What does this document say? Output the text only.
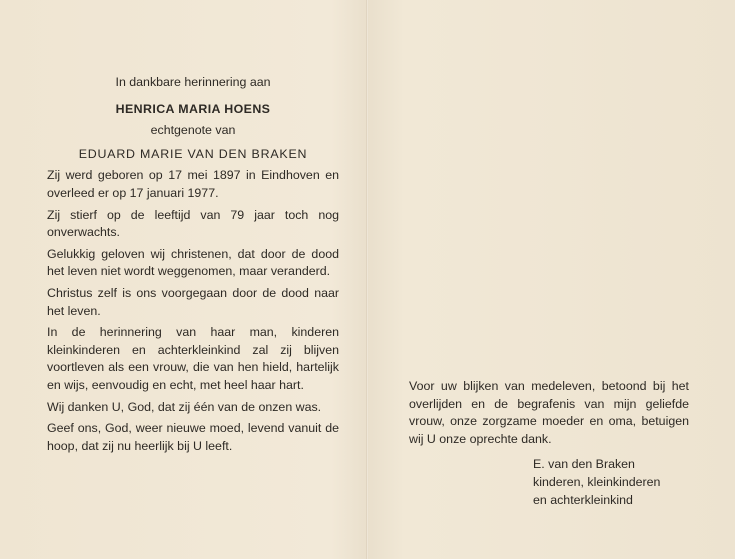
In dankbare herinnering aan
HENRICA MARIA HOENS
echtgenote van
EDUARD MARIE VAN DEN BRAKEN
Zij werd geboren op 17 mei 1897 in Eindhoven en overleed er op 17 januari 1977.
Zij stierf op de leeftijd van 79 jaar toch nog onverwachts.
Gelukkig geloven wij christenen, dat door de dood het leven niet wordt weggenomen, maar veranderd.
Christus zelf is ons voorgegaan door de dood naar het leven.
In de herinnering van haar man, kinderen kleinkinderen en achterkleinkind zal zij blijven voortleven als een vrouw, die van hen hield, hartelijk en wijs, eenvoudig en echt, met heel haar hart.
Wij danken U, God, dat zij één van de onzen was.
Geef ons, God, weer nieuwe moed, levend vanuit de hoop, dat zij nu heerlijk bij U leeft.
Voor uw blijken van medeleven, betoond bij het overlijden en de begrafenis van mijn geliefde vrouw, onze zorgzame moeder en oma, betuigen wij U onze oprechte dank.
E. van den Braken
kinderen, kleinkinderen
en achterkleinkind
